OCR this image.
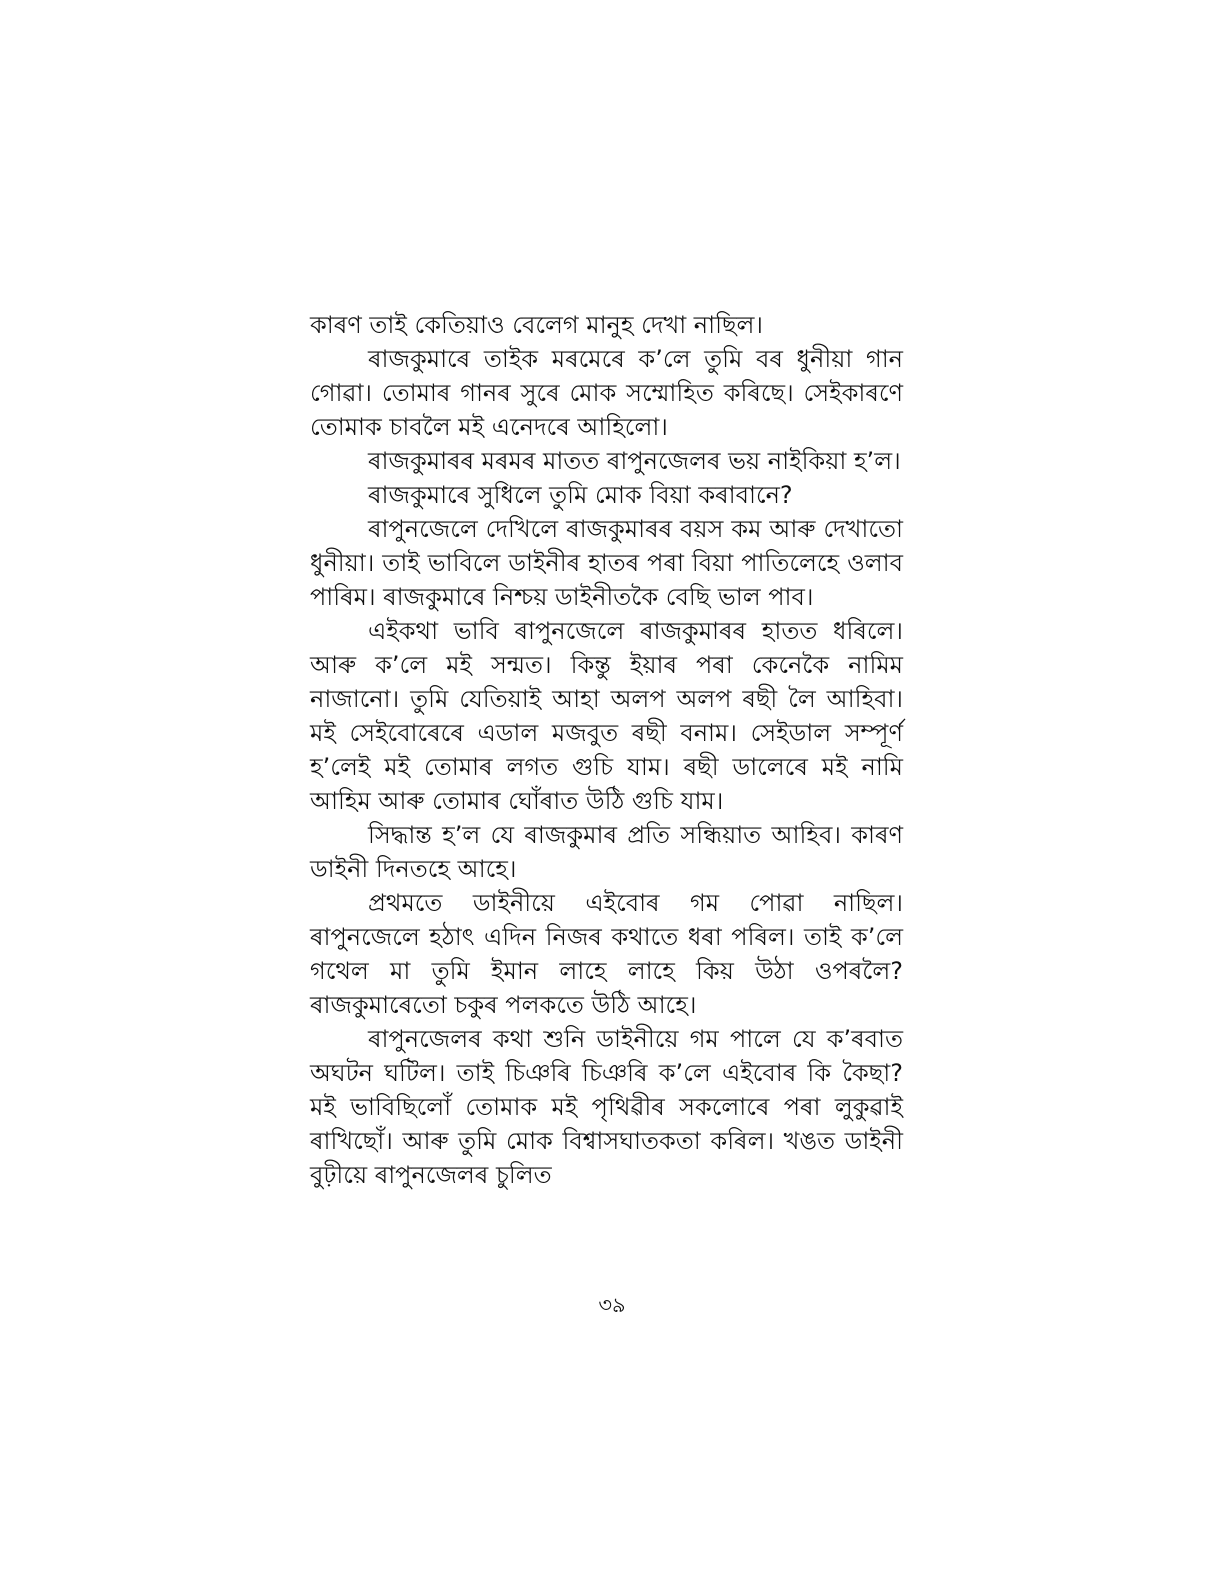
কাৰণ তাই কেতিয়াও বেলেগ মানুহ দেখা নাছিল।

ৰাজকুমাৰে তাইক মৰমেৰে ক’লে তুমি বৰ ধুনীয়া গান গোৱা। তোমাৰ গানৰ সুৰে মোক সম্মোহিত কৰিছে। সেইকাৰণে তোমাক চাবলৈ মই এনেদৰে আহিলো।

ৰাজকুমাৰৰ মৰমৰ মাতত ৰাপুনজেলৰ ভয় নাইকিয়া হ’ল।

ৰাজকুমাৰে সুধিলে তুমি মোক বিয়া কৰাবানে?

ৰাপুনজেলে দেখিলে ৰাজকুমাৰৰ বয়স কম আৰু দেখাতো ধুনীয়া। তাই ভাবিলে ডাইনীৰ হাতৰ পৰা বিয়া পাতিলেহে ওলাব পাৰিম। ৰাজকুমাৰে নিশ্চয় ডাইনীতকৈ বেছি ভাল পাব।

এইকথা ভাবি ৰাপুনজেলে ৰাজকুমাৰৰ হাতত ধৰিলে। আৰু ক’লে মই সন্মত। কিন্তু ইয়াৰ পৰা কেনেকৈ নামিম নাজানো। তুমি যেতিয়াই আহা অলপ অলপ ৰছী লৈ আহিবা। মই সেইবোৰেৰে এডাল মজবুত ৰছী বনাম। সেইডাল সম্পূৰ্ণ হ’লেই মই তোমাৰ লগত গুচি যাম। ৰছী ডালেৰে মই নামি আহিম আৰু তোমাৰ ঘোঁৰাত উঠি গুচি যাম।

সিদ্ধান্ত হ’ল যে ৰাজকুমাৰ প্ৰতি সন্ধিয়াত আহিব। কাৰণ ডাইনী দিনতহে আহে।

প্ৰথমতে ডাইনীয়ে এইবোৰ গম পোৱা নাছিল। ৰাপুনজেলে হঠাৎ এদিন নিজৰ কথাতে ধৰা পৰিল। তাই ক’লে গথেল মা তুমি ইমান লাহে লাহে কিয় উঠা ওপৰলৈ? ৰাজকুমাৰেতো চকুৰ পলকতে উঠি আহে।

ৰাপুনজেলৰ কথা শুনি ডাইনীয়ে গম পালে যে ক’ৰবাত অঘটন ঘটিল। তাই চিঞৰি চিঞৰি ক’লে এইবোৰ কি কৈছা? মই ভাবিছিলোঁ তোমাক মই পৃথিৱীৰ সকলোৰে পৰা লুকুৱাই ৰাখিছোঁ। আৰু তুমি মোক বিশ্বাসঘাতকতা কৰিল। খঙত ডাইনী বুঢ়ীয়ে ৰাপুনজেলৰ চুলিত

৩৯
